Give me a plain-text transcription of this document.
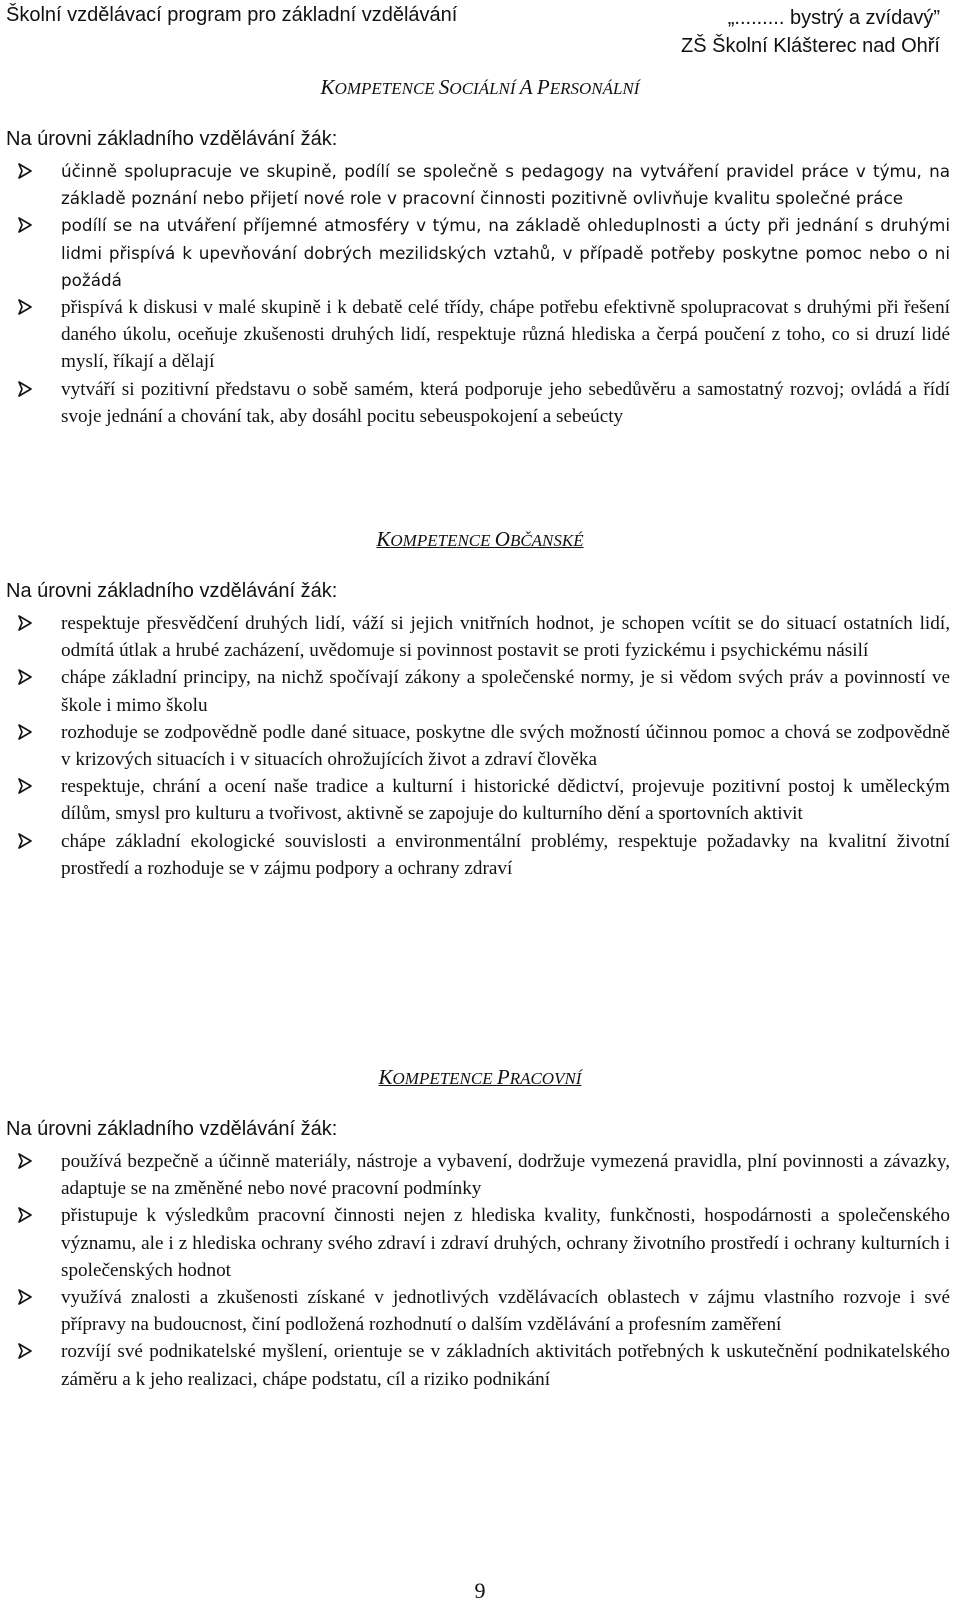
Školní vzdělávací program pro základní vzdělávání	„......... bystrý a zvídavý”
ZŠ Školní Klášterec nad Ohří
KOMPETENCE SOCIÁLNÍ A PERSONÁLNÍ
Na úrovni základního vzdělávání žák:
účinně spolupracuje ve skupině, podílí se společně s pedagogy na vytváření pravidel práce v týmu, na základě poznání nebo přijetí nové role v pracovní činnosti pozitivně ovlivňuje kvalitu společné práce
podílí se na utváření příjemné atmosféry v týmu, na základě ohleduplnosti a úcty při jednání s druhými lidmi přispívá k upevňování dobrých mezilidských vztahů, v případě potřeby poskytne pomoc nebo o ni požádá
přispívá k diskusi v malé skupině i k debatě celé třídy, chápe potřebu efektivně spolupracovat s druhými při řešení daného úkolu, oceňuje zkušenosti druhých lidí, respektuje různá hlediska a čerpá poučení z toho, co si druzí lidé myslí, říkají a dělají
vytváří si pozitivní představu o sobě samém, která podporuje jeho sebedůvěru a samostatný rozvoj; ovládá a řídí svoje jednání a chování tak, aby dosáhl pocitu sebeuspokojení a sebeúcty
KOMPETENCE OBČANSKÉ
Na úrovni základního vzdělávání žák:
respektuje přesvědčení druhých lidí, váží si jejich vnitřních hodnot, je schopen vcítit se do situací ostatních lidí, odmítá útlak a hrubé zacházení, uvědomuje si povinnost postavit se proti fyzickému i psychickému násilí
chápe základní principy, na nichž spočívají zákony a společenské normy, je si vědom svých práv a povinností ve škole i mimo školu
rozhoduje se zodpovědně podle dané situace, poskytne dle svých možností účinnou pomoc a chová se zodpovědně v krizových situacích i v situacích ohrožujících život a zdraví člověka
respektuje, chrání a ocení naše tradice a kulturní i historické dědictví, projevuje pozitivní postoj k uměleckým dílům, smysl pro kulturu a tvořivost, aktivně se zapojuje do kulturního dění a sportovních aktivit
chápe základní ekologické souvislosti a environmentální problémy, respektuje požadavky na kvalitní životní prostředí a rozhoduje se v zájmu podpory a ochrany zdraví
KOMPETENCE PRACOVNÍ
Na úrovni základního vzdělávání žák:
používá bezpečně a účinně materiály, nástroje a vybavení, dodržuje vymezená pravidla, plní povinnosti a závazky, adaptuje se na změněné nebo nové pracovní podmínky
přistupuje k výsledkům pracovní činnosti nejen z hlediska kvality, funkčnosti, hospodárnosti a společenského významu, ale i z hlediska ochrany svého zdraví i zdraví druhých, ochrany životního prostředí i ochrany kulturních i společenských hodnot
využívá znalosti a zkušenosti získané v jednotlivých vzdělávacích oblastech v zájmu vlastního rozvoje i své přípravy na budoucnost, činí podložená rozhodnutí o dalším vzdělávání a profesním zaměření
rozvíjí své podnikatelské myšlení, orientuje se v základních aktivitách potřebných k uskutečnění podnikatelského záměru a k jeho realizaci, chápe podstatu, cíl a riziko podnikání
9
